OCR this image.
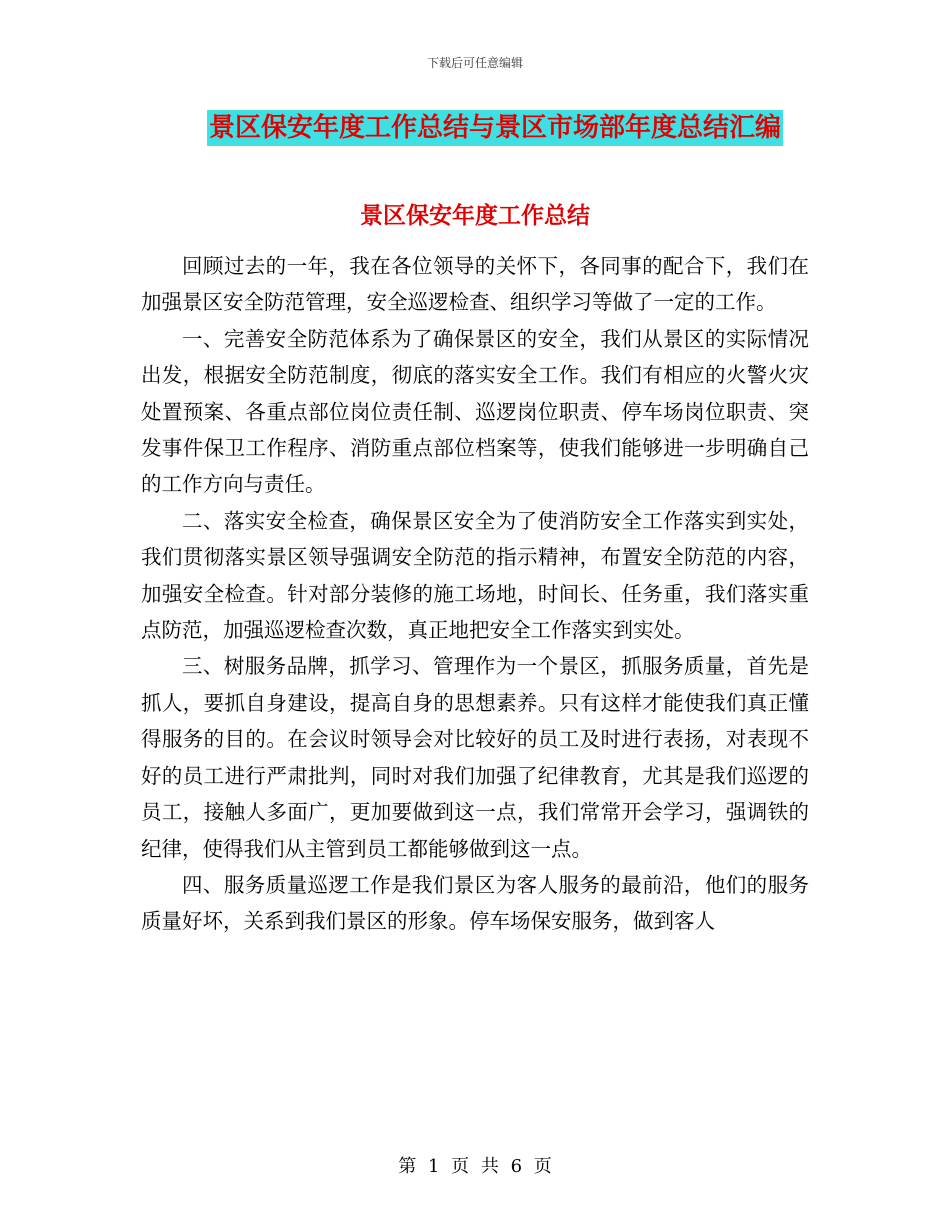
下载后可任意编辑
景区保安年度工作总结与景区市场部年度总结汇编
景区保安年度工作总结

回顾过去的一年，我在各位领导的关怀下，各同事的配合下，我们在加强景区安全防范管理，安全巡逻检查、组织学习等做了一定的工作。

一、完善安全防范体系为了确保景区的安全，我们从景区的实际情况出发，根据安全防范制度，彻底的落实安全工作。我们有相应的火警火灾处置预案、各重点部位岗位责任制、巡逻岗位职责、停车场岗位职责、突发事件保卫工作程序、消防重点部位档案等，使我们能够进一步明确自己的工作方向与责任。

二、落实安全检查，确保景区安全为了使消防安全工作落实到实处，我们贯彻落实景区领导强调安全防范的指示精神，布置安全防范的内容，加强安全检查。针对部分装修的施工场地，时间长、任务重，我们落实重点防范，加强巡逻检查次数，真正地把安全工作落实到实处。

三、树服务品牌，抓学习、管理作为一个景区，抓服务质量，首先是抓人，要抓自身建设，提高自身的思想素养。只有这样才能使我们真正懂得服务的目的。在会议时领导会对比较好的员工及时进行表扬，对表现不好的员工进行严肃批判，同时对我们加强了纪律教育，尤其是我们巡逻的员工，接触人多面广，更加要做到这一点，我们常常开会学习，强调铁的纪律，使得我们从主管到员工都能够做到这一点。

四、服务质量巡逻工作是我们景区为客人服务的最前沿，他们的服务质量好坏，关系到我们景区的形象。停车场保安服务，做到客人

第 1 页 共 6 页
